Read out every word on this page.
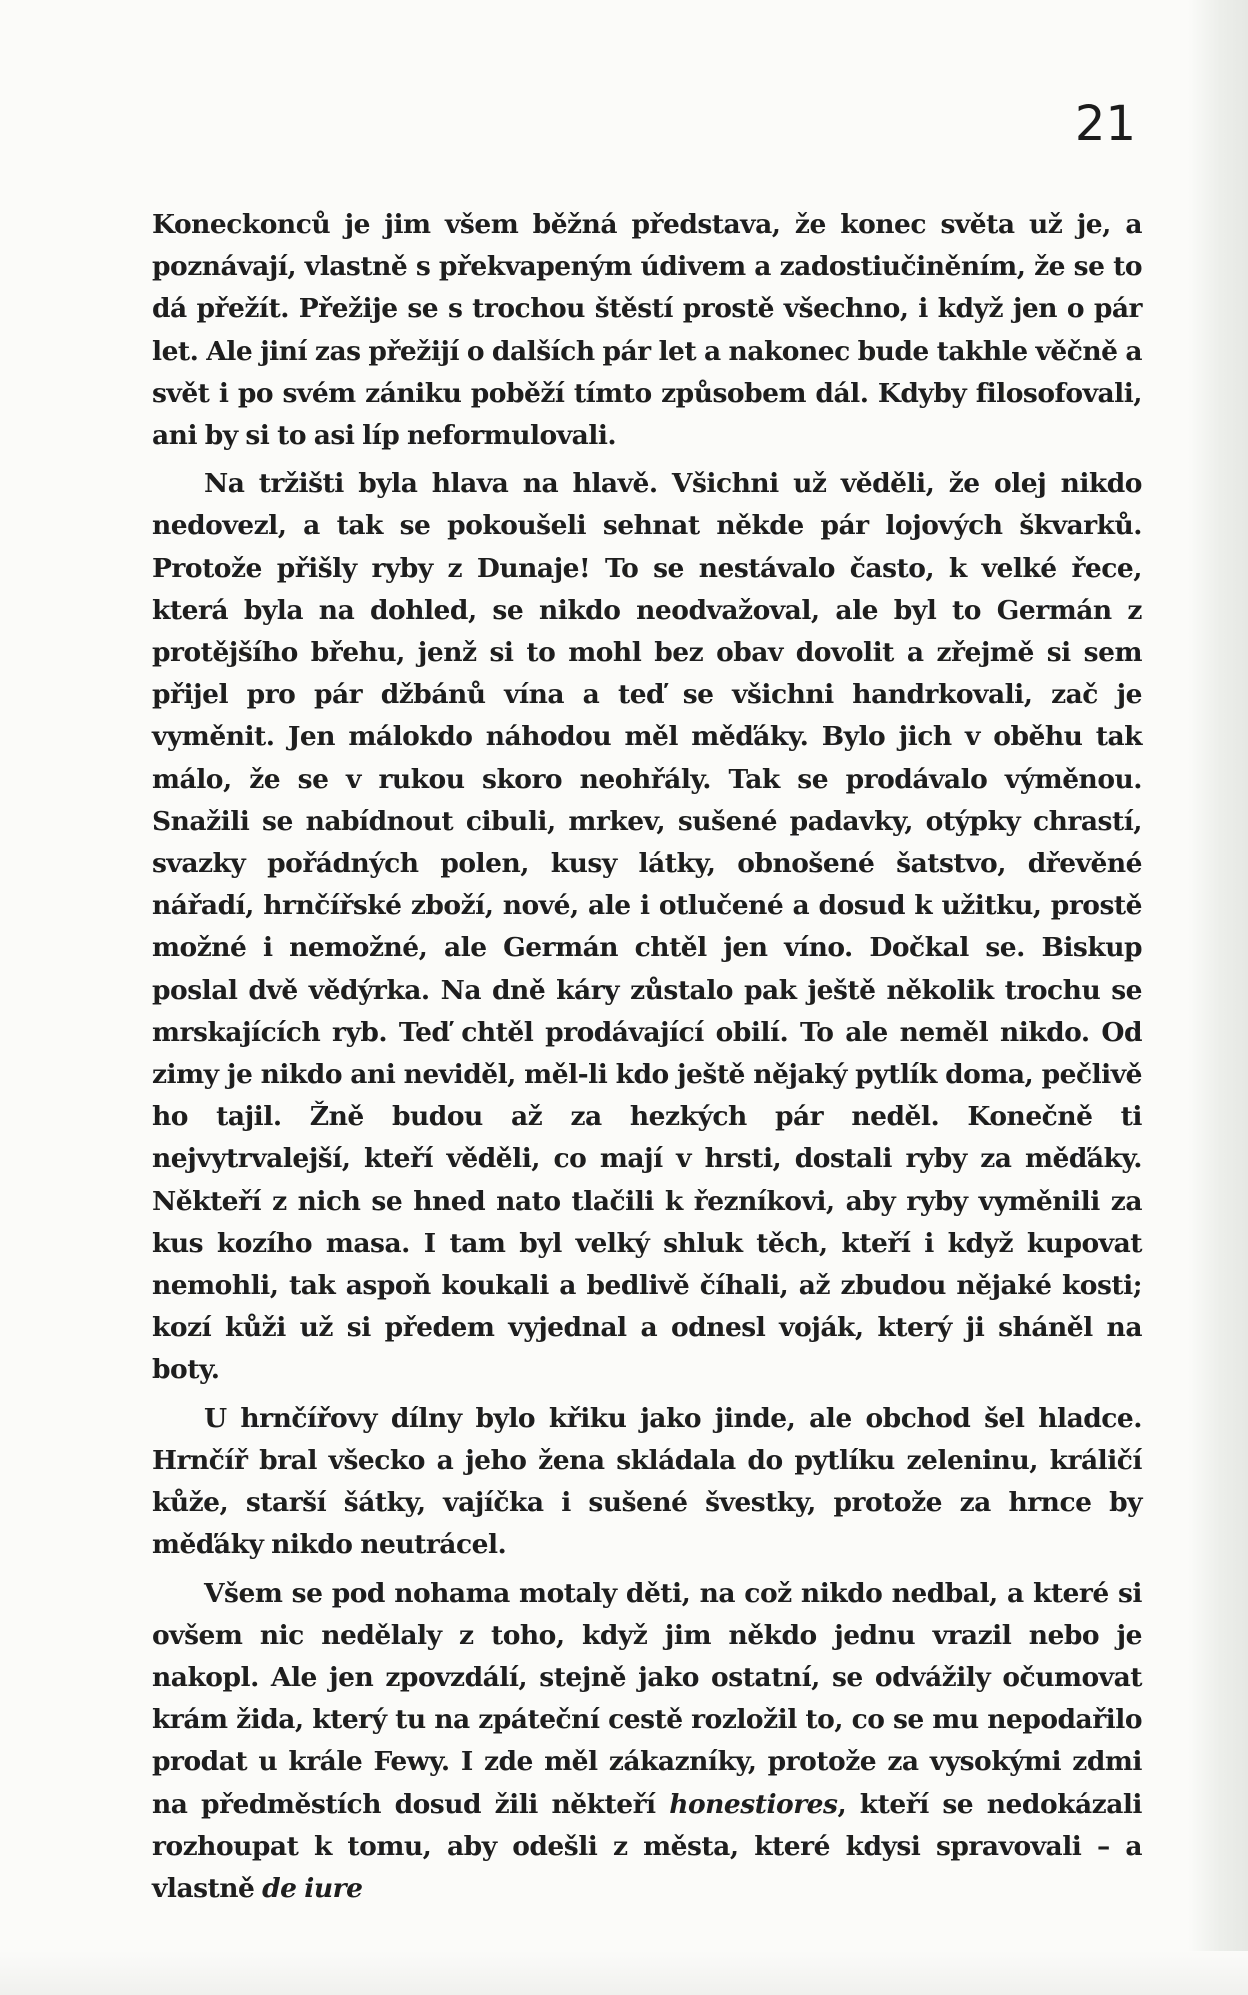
21

Koneckonců je jim všem běžná představa, že konec světa už je, a poznávají, vlastně s překvapeným údivem a zadostiučiněním, že se to dá přežít. Přežije se s trochou štěstí prostě všechno, i když jen o pár let. Ale jiní zas přežijí o dalších pár let a nakonec bude takhle věčně a svět i po svém zániku poběží tímto způsobem dál. Kdyby filosofovali, ani by si to asi líp neformulovali.

Na tržišti byla hlava na hlavě. Všichni už věděli, že olej nikdo nedovezl, a tak se pokoušeli sehnat někde pár lojových škvarků. Protože přišly ryby z Dunaje! To se nestávalo často, k velké řece, která byla na dohled, se nikdo neodvažoval, ale byl to Germán z protějšího břehu, jenž si to mohl bez obav dovolit a zřejmě si sem přijel pro pár džbánů vína a teď se všichni handrkovali, zač je vyměnit. Jen málokdo náhodou měl měďáky. Bylo jich v oběhu tak málo, že se v rukou skoro neohřály. Tak se prodávalo výměnou. Snažili se nabídnout cibuli, mrkev, sušené padavky, otýpky chrastí, svazky pořádných polen, kusy látky, obnošené šatstvo, dřevěné nářadí, hrnčířské zboží, nové, ale i otlučené a dosud k užitku, prostě možné i nemožné, ale Germán chtěl jen víno. Dočkal se. Biskup poslal dvě vědýrka. Na dně káry zůstalo pak ještě několik trochu se mrskajících ryb. Teď chtěl prodávající obilí. To ale neměl nikdo. Od zimy je nikdo ani neviděl, měl-li kdo ještě nějaký pytlík doma, pečlivě ho tajil. Žně budou až za hezkých pár neděl. Konečně ti nejvytrvalejší, kteří věděli, co mají v hrsti, dostali ryby za měďáky. Někteří z nich se hned nato tlačili k řezníkovi, aby ryby vyměnili za kus kozího masa. I tam byl velký shluk těch, kteří i když kupovat nemohli, tak aspoň koukali a bedlivě číhali, až zbudou nějaké kosti; kozí kůži už si předem vyjednal a odnesl voják, který ji sháněl na boty.

U hrnčířovy dílny bylo křiku jako jinde, ale obchod šel hladce. Hrnčíř bral všecko a jeho žena skládala do pytlíku zeleninu, králičí kůže, starší šátky, vajíčka i sušené švestky, protože za hrnce by měďáky nikdo neutrácel.

Všem se pod nohama motaly děti, na což nikdo nedbal, a které si ovšem nic nedělaly z toho, když jim někdo jednu vrazil nebo je nakopl. Ale jen zpovzdálí, stejně jako ostatní, se odvážily očumovat krám žida, který tu na zpáteční cestě rozložil to, co se mu nepodařilo prodat u krále Fewy. I zde měl zákazníky, protože za vysokými zdmi na předměstích dosud žili někteří honestiores, kteří se nedokázali rozhoupat k tomu, aby odešli z města, které kdysi spravovali – a vlastně de iure
